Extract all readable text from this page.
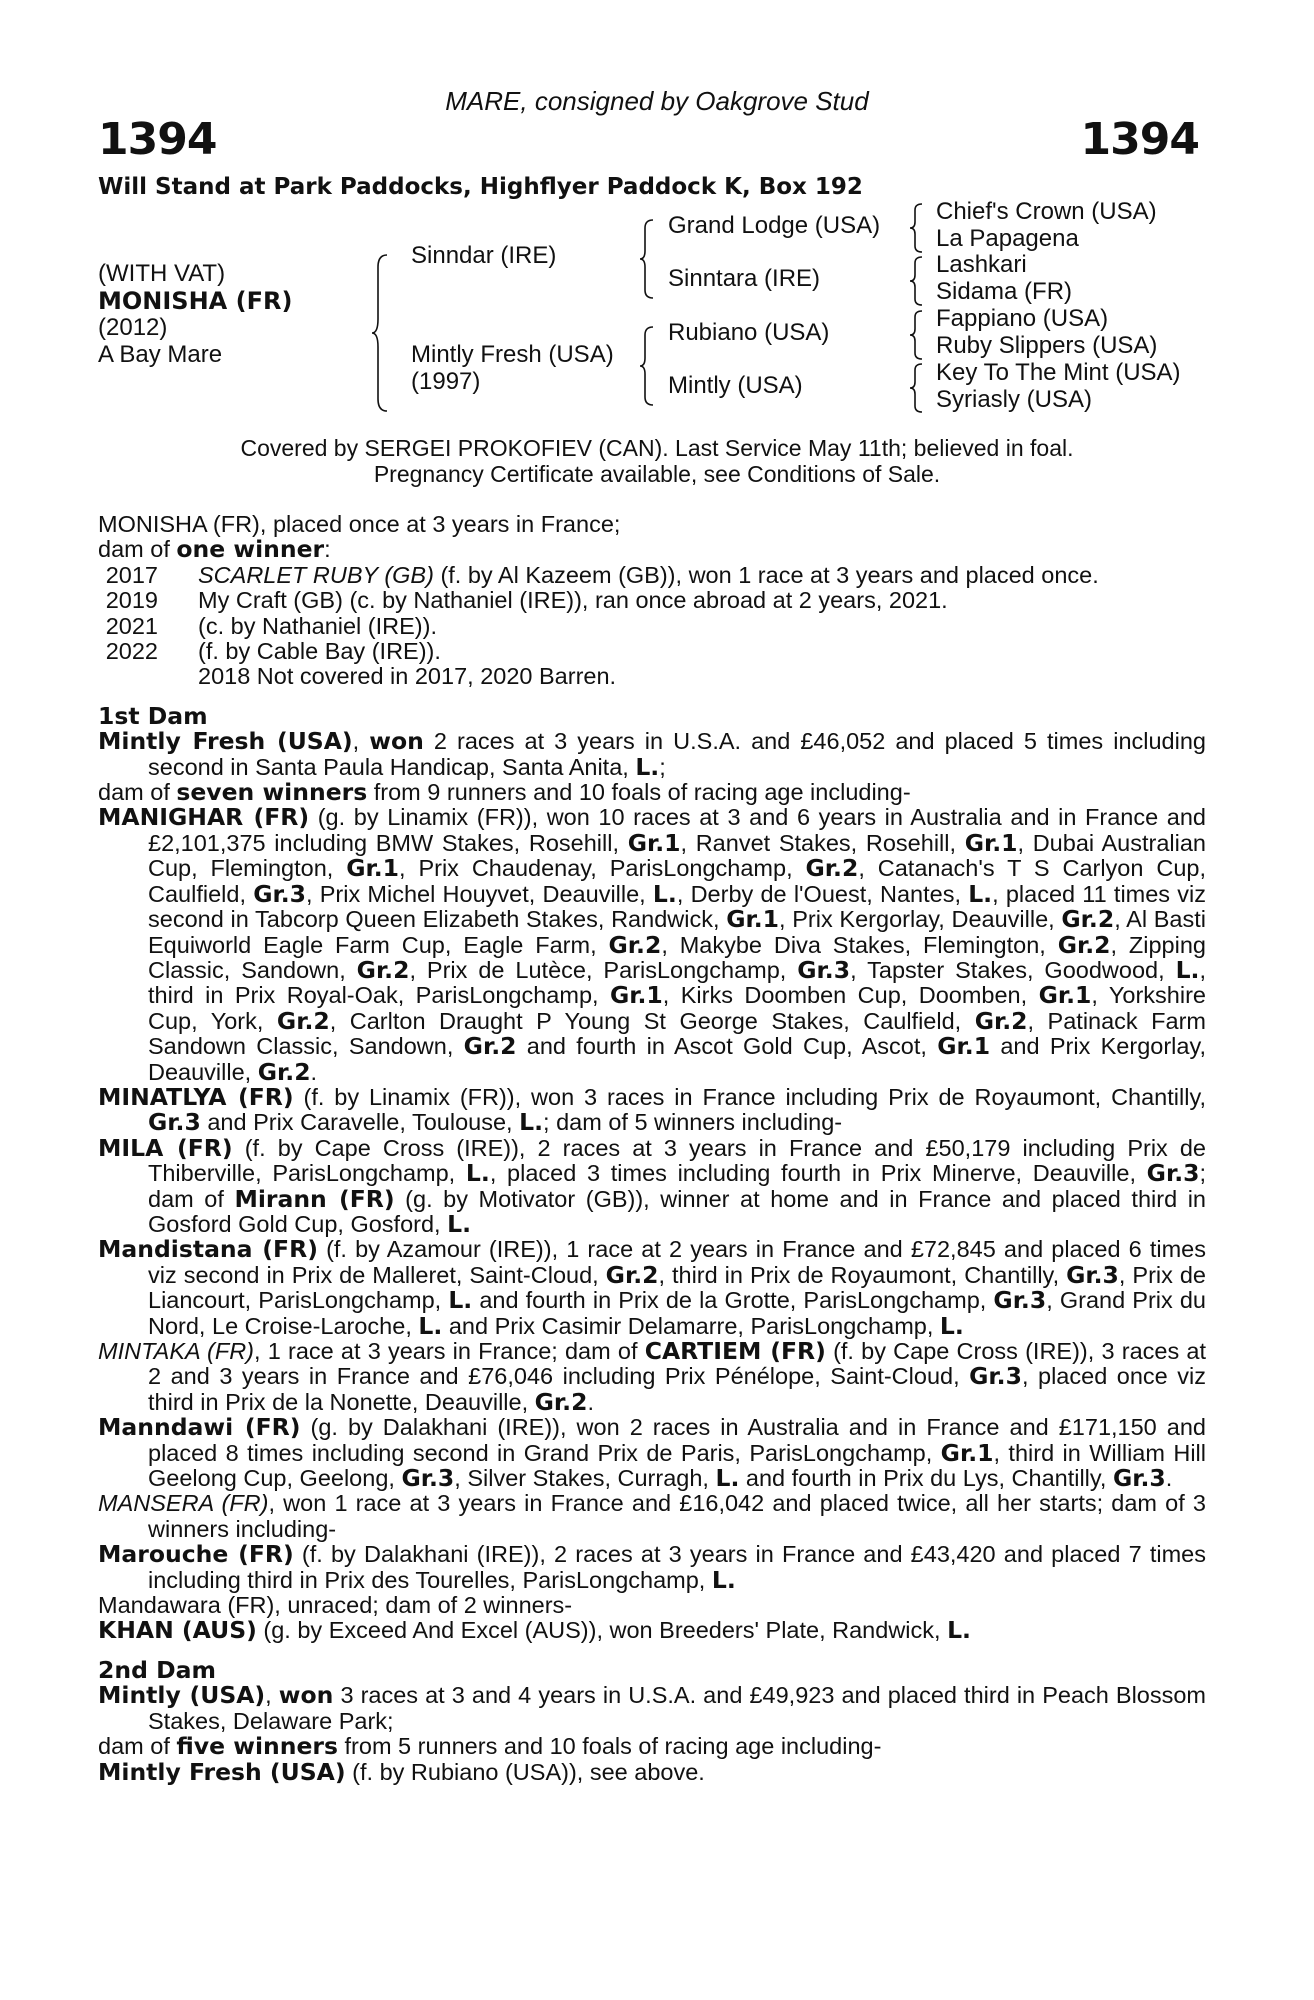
MARE, consigned by Oakgrove Stud
1394	1394
Will Stand at Park Paddocks, Highflyer Paddock K, Box 192
(WITH VAT)
MONISHA (FR)
(2012)
A Bay Mare
Sinndar (IRE)
Mintly Fresh (USA)
(1997)
Grand Lodge (USA)
Sinntara (IRE)
Rubiano (USA)
Mintly (USA)
Chief's Crown (USA)
La Papagena
Lashkari
Sidama (FR)
Fappiano (USA)
Ruby Slippers (USA)
Key To The Mint (USA)
Syriasly (USA)
Covered by SERGEI PROKOFIEV (CAN). Last Service May 11th; believed in foal.
Pregnancy Certificate available, see Conditions of Sale.

MONISHA (FR), placed once at 3 years in France;

dam of one winner:

2017 SCARLET RUBY (GB) (f. by Al Kazeem (GB)), won 1 race at 3 years and placed once.
2019 My Craft (GB) (c. by Nathaniel (IRE)), ran once abroad at 2 years, 2021.
2021 (c. by Nathaniel (IRE)).
2022 (f. by Cable Bay (IRE)).
2018 Not covered in 2017, 2020 Barren.

1st Dam

Mintly Fresh (USA), won 2 races at 3 years in U.S.A. and £46,052 and placed 5 times including second in Santa Paula Handicap, Santa Anita, L.;

dam of seven winners from 9 runners and 10 foals of racing age including-

MANIGHAR (FR) (g. by Linamix (FR)), won 10 races at 3 and 6 years in Australia and in France and £2,101,375 including BMW Stakes, Rosehill, Gr.1, Ranvet Stakes, Rosehill, Gr.1, Dubai Australian Cup, Flemington, Gr.1, Prix Chaudenay, ParisLongchamp, Gr.2, Catanach's T S Carlyon Cup, Caulfield, Gr.3, Prix Michel Houyvet, Deauville, L., Derby de l'Ouest, Nantes, L., placed 11 times viz second in Tabcorp Queen Elizabeth Stakes, Randwick, Gr.1, Prix Kergorlay, Deauville, Gr.2, Al Basti Equiworld Eagle Farm Cup, Eagle Farm, Gr.2, Makybe Diva Stakes, Flemington, Gr.2, Zipping Classic, Sandown, Gr.2, Prix de Lutèce, ParisLongchamp, Gr.3, Tapster Stakes, Goodwood, L., third in Prix Royal-Oak, ParisLongchamp, Gr.1, Kirks Doomben Cup, Doomben, Gr.1, Yorkshire Cup, York, Gr.2, Carlton Draught P Young St George Stakes, Caulfield, Gr.2, Patinack Farm Sandown Classic, Sandown, Gr.2 and fourth in Ascot Gold Cup, Ascot, Gr.1 and Prix Kergorlay, Deauville, Gr.2.

MINATLYA (FR) (f. by Linamix (FR)), won 3 races in France including Prix de Royaumont, Chantilly, Gr.3 and Prix Caravelle, Toulouse, L.; dam of 5 winners including-

MILA (FR) (f. by Cape Cross (IRE)), 2 races at 3 years in France and £50,179 including Prix de Thiberville, ParisLongchamp, L., placed 3 times including fourth in Prix Minerve, Deauville, Gr.3; dam of Mirann (FR) (g. by Motivator (GB)), winner at home and in France and placed third in Gosford Gold Cup, Gosford, L.

Mandistana (FR) (f. by Azamour (IRE)), 1 race at 2 years in France and £72,845 and placed 6 times viz second in Prix de Malleret, Saint-Cloud, Gr.2, third in Prix de Royaumont, Chantilly, Gr.3, Prix de Liancourt, ParisLongchamp, L. and fourth in Prix de la Grotte, ParisLongchamp, Gr.3, Grand Prix du Nord, Le Croise-Laroche, L. and Prix Casimir Delamarre, ParisLongchamp, L.

MINTAKA (FR), 1 race at 3 years in France; dam of CARTIEM (FR) (f. by Cape Cross (IRE)), 3 races at 2 and 3 years in France and £76,046 including Prix Pénélope, Saint-Cloud, Gr.3, placed once viz third in Prix de la Nonette, Deauville, Gr.2.

Manndawi (FR) (g. by Dalakhani (IRE)), won 2 races in Australia and in France and £171,150 and placed 8 times including second in Grand Prix de Paris, ParisLongchamp, Gr.1, third in William Hill Geelong Cup, Geelong, Gr.3, Silver Stakes, Curragh, L. and fourth in Prix du Lys, Chantilly, Gr.3.

MANSERA (FR), won 1 race at 3 years in France and £16,042 and placed twice, all her starts; dam of 3 winners including-

Marouche (FR) (f. by Dalakhani (IRE)), 2 races at 3 years in France and £43,420 and placed 7 times including third in Prix des Tourelles, ParisLongchamp, L.

Mandawara (FR), unraced; dam of 2 winners-

KHAN (AUS) (g. by Exceed And Excel (AUS)), won Breeders' Plate, Randwick, L.

2nd Dam

Mintly (USA), won 3 races at 3 and 4 years in U.S.A. and £49,923 and placed third in Peach Blossom Stakes, Delaware Park;

dam of five winners from 5 runners and 10 foals of racing age including-

Mintly Fresh (USA) (f. by Rubiano (USA)), see above.
